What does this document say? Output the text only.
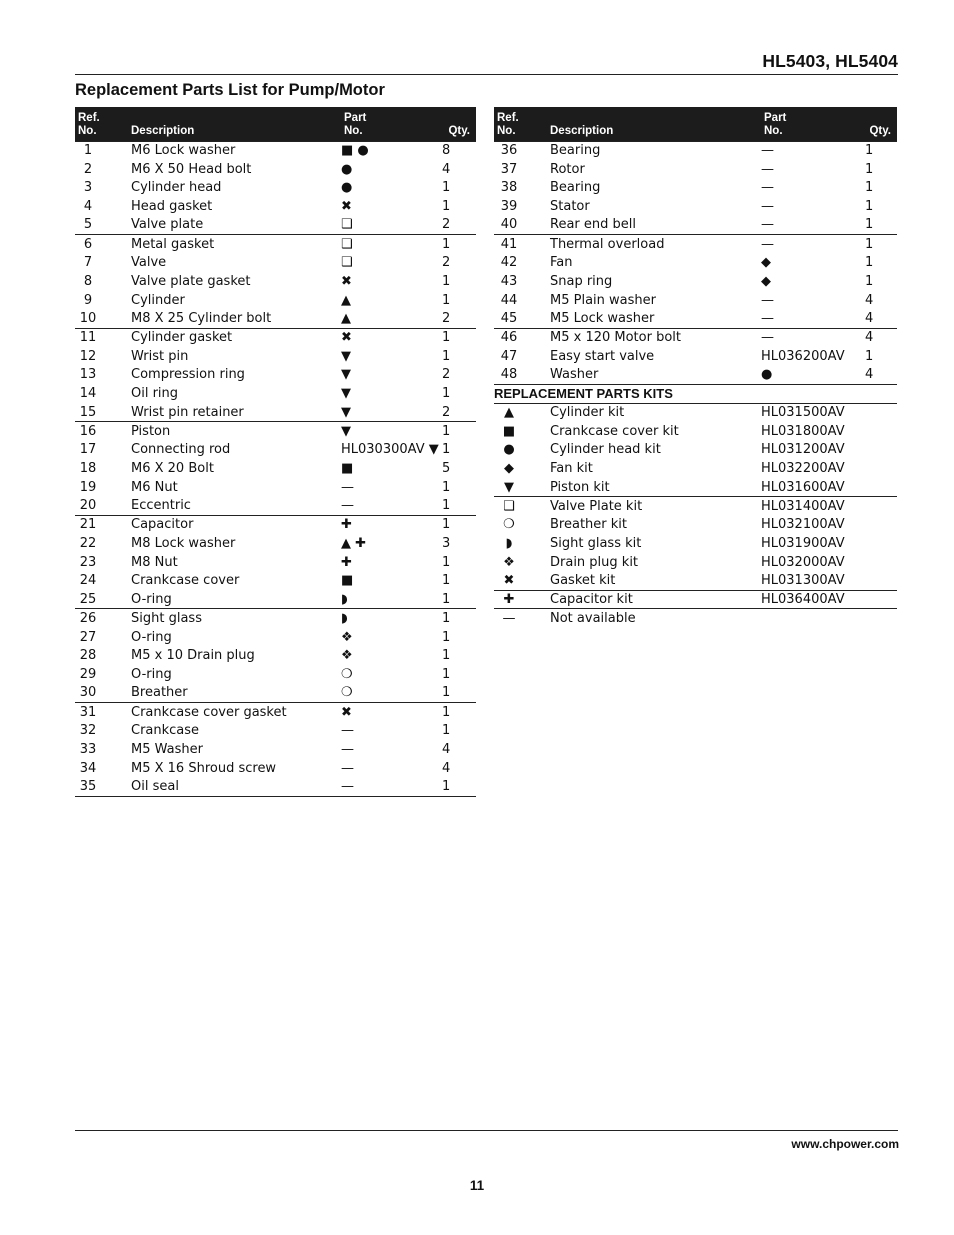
HL5403, HL5404
Replacement Parts List for Pump/Motor
Ref.
No.	Description	Part
No.	Qty.
1	M6 Lock washer	■ ●	8
2	M6 X 50 Head bolt	●	4
3	Cylinder head	●	1
4	Head gasket	✖	1
5	Valve plate	❑	2
6	Metal gasket	❑	1
7	Valve	❑	2
8	Valve plate gasket	✖	1
9	Cylinder	▲	1
10	M8 X 25 Cylinder bolt	▲	2
11	Cylinder gasket	✖	1
12	Wrist pin	▼	1
13	Compression ring	▼	2
14	Oil ring	▼	1
15	Wrist pin retainer	▼	2
16	Piston	▼	1
17	Connecting rod	HL030300AV ▼	1
18	M6 X 20 Bolt	■	5
19	M6 Nut	—	1
20	Eccentric	—	1
21	Capacitor	✚	1
22	M8 Lock washer	▲ ✚	3
23	M8 Nut	✚	1
24	Crankcase cover	■	1
25	O-ring	◗	1
26	Sight glass	◗	1
27	O-ring	❖	1
28	M5 x 10 Drain plug	❖	1
29	O-ring	❍	1
30	Breather	❍	1
31	Crankcase cover gasket	✖	1
32	Crankcase	—	1
33	M5 Washer	—	4
34	M5 X 16 Shroud screw	—	4
35	Oil seal	—	1
Ref.
No.	Description	Part
No.	Qty.
36	Bearing	—	1
37	Rotor	—	1
38	Bearing	—	1
39	Stator	—	1
40	Rear end bell	—	1
41	Thermal overload	—	1
42	Fan	◆	1
43	Snap ring	◆	1
44	M5 Plain washer	—	4
45	M5 Lock washer	—	4
46	M5 x 120 Motor bolt	—	4
47	Easy start valve	HL036200AV	1
48	Washer	●	4
REPLACEMENT PARTS KITS			
▲	Cylinder kit	HL031500AV	
■	Crankcase cover kit	HL031800AV	
●	Cylinder head kit	HL031200AV	
◆	Fan kit	HL032200AV	
▼	Piston kit	HL031600AV	
❑	Valve Plate kit	HL031400AV	
❍	Breather kit	HL032100AV	
◗	Sight glass kit	HL031900AV	
❖	Drain plug kit	HL032000AV	
✖	Gasket kit	HL031300AV	
✚	Capacitor kit	HL036400AV	
—	Not available		
www.chpower.com
11
